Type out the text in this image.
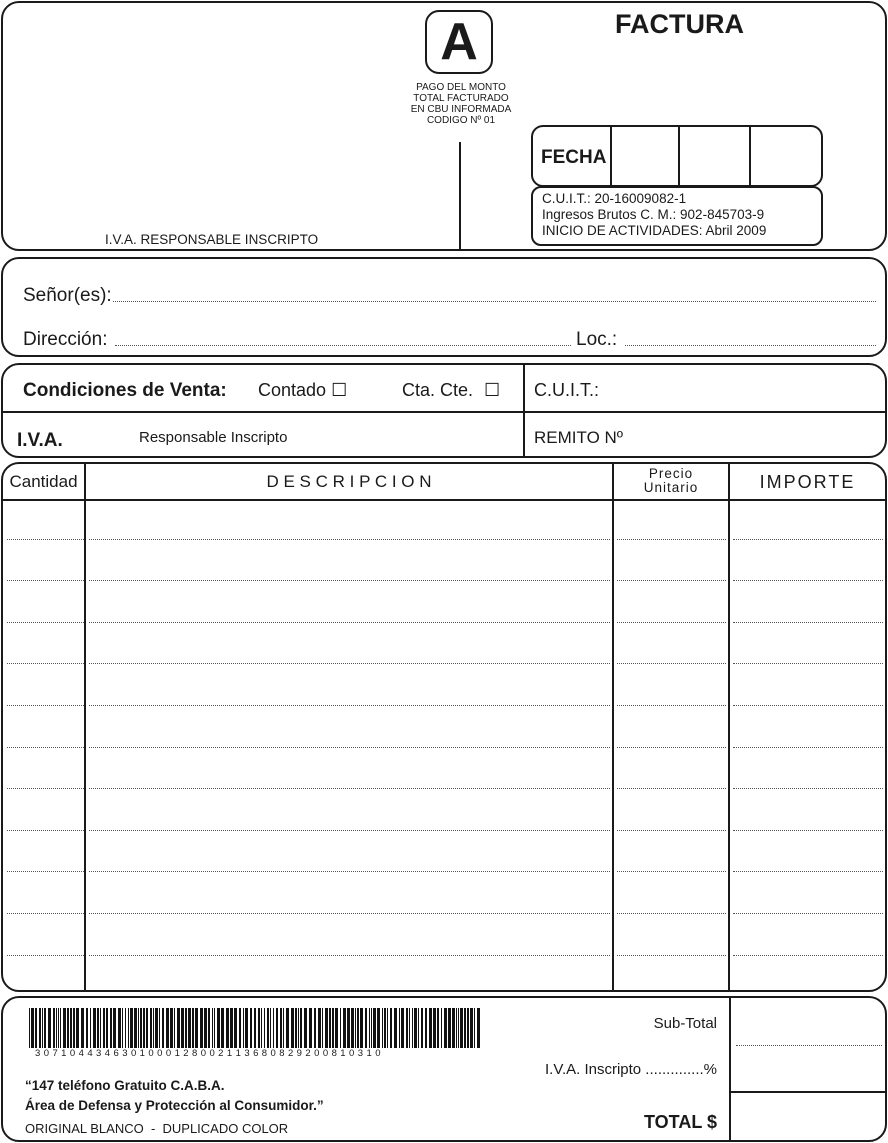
A
PAGO DEL MONTO
TOTAL FACTURADO
EN CBU INFORMADA
CODIGO Nº 01
FACTURA
FECHA
C.U.I.T.: 20-16009082-1
Ingresos Brutos C. M.: 902-845703-9
INICIO DE ACTIVIDADES: Abril 2009
I.V.A. RESPONSABLE INSCRIPTO
Señor(es):
Dirección:	Loc.:
Condiciones de Venta: Contado ☐	Cta. Cte. ☐ C.U.I.T.:
I.V.A.	Responsable Inscripto	REMITO Nº
Cantidad	D E S C R I P C I O N	Precio
Unitario	IMPORTE
3 0 7 1 0 4 4 3 4 6 3 0 1 0 0 0 1 2 8 0 0 2 1 1 3 6 8 0 8 2 9 2 0 0 8 1 0 3 1 0
“147 teléfono Gratuito C.A.B.A.
Área de Defensa y Protección al Consumidor.”
ORIGINAL BLANCO  -  DUPLICADO COLOR
Sub-Total
I.V.A. Inscripto ..............%
TOTAL $
